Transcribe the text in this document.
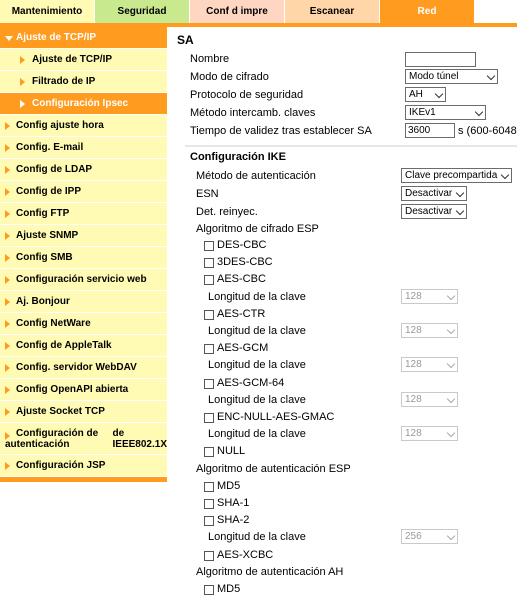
Mantenimiento	Seguridad	Conf d impre	Escanear	Red
Ajuste de TCP/IP
Ajuste de TCP/IP
Filtrado de IP
Configuración Ipsec
Config ajuste hora
Config. E-mail
Config de LDAP
Config de IPP
Config FTP
Ajuste SNMP
Config SMB
Configuración servicio web
Aj. Bonjour
Config NetWare
Config de AppleTalk
Config. servidor WebDAV
Config OpenAPI abierta
Ajuste Socket TCP
Configuración de autenticación
de IEEE802.1X
Configuración JSP
SA
Nombre
Modo de cifrado	Modo túnel
Protocolo de seguridad	AH
Método intercamb. claves	IKEv1
Tiempo de validez tras establecer SA	3600	s (600-6048
Configuración IKE
Método de autenticación	Clave precompartida
ESN	Desactivar
Det. reinyec.	Desactivar
Algoritmo de cifrado ESP
DES-CBC
3DES-CBC
AES-CBC
Longitud de la clave	128
AES-CTR
Longitud de la clave	128
AES-GCM
Longitud de la clave	128
AES-GCM-64
Longitud de la clave	128
ENC-NULL-AES-GMAC
Longitud de la clave	128
NULL
Algoritmo de autenticación ESP
MD5
SHA-1
SHA-2
Longitud de la clave	256
AES-XCBC
Algoritmo de autenticación AH
MD5
